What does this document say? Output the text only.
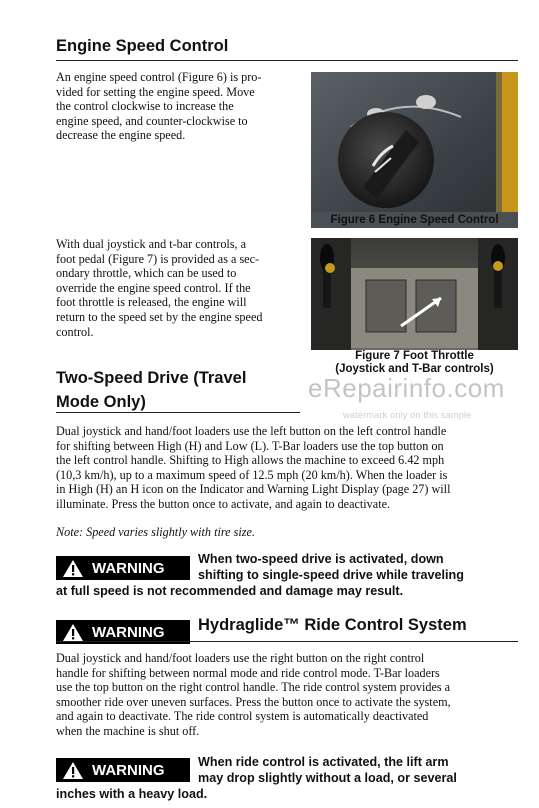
Engine Speed Control
An engine speed control (Figure 6) is pro-
vided for setting the engine speed. Move
the control clockwise to increase the
engine speed, and counter-clockwise to
decrease the engine speed.
Figure 6 Engine Speed Control
With dual joystick and t-bar controls, a
foot pedal (Figure 7) is provided as a sec-
ondary throttle, which can be used to
override the engine speed control. If the
foot throttle is released, the engine will
return to the speed set by the engine speed
control.
Figure 7 Foot Throttle
(Joystick and T-Bar controls)
Two-Speed Drive (Travel
Mode Only)	eRepairinfo.com
watermark only on this sample
Dual joystick and hand/foot loaders use the left button on the left control handle
for shifting between High (H) and Low (L). T-Bar loaders use the top button on
the left control handle. Shifting to High allows the machine to exceed 6.42 mph
(10,3 km/h), up to a maximum speed of 12.5 mph (20 km/h). When the loader is
in High (H) an H icon on the Indicator and Warning Light Display (page 27) will
illuminate. Press the button once to activate, and again to deactivate.
Note: Speed varies slightly with tire size.
WARNING
When two-speed drive is activated, down
shifting to single-speed drive while traveling
at full speed is not recommended and damage may result.
WARNING Hydraglide™ Ride Control System
Dual joystick and hand/foot loaders use the right button on the right control
handle for shifting between normal mode and ride control mode. T-Bar loaders
use the top button on the right control handle. The ride control system provides a
smoother ride over uneven surfaces. Press the button once to activate the system,
and again to deactivate. The ride control system is automatically deactivated
when the machine is shut off.
WARNING	When ride control is activated, the lift arm
may drop slightly without a load, or several
inches with a heavy load.
